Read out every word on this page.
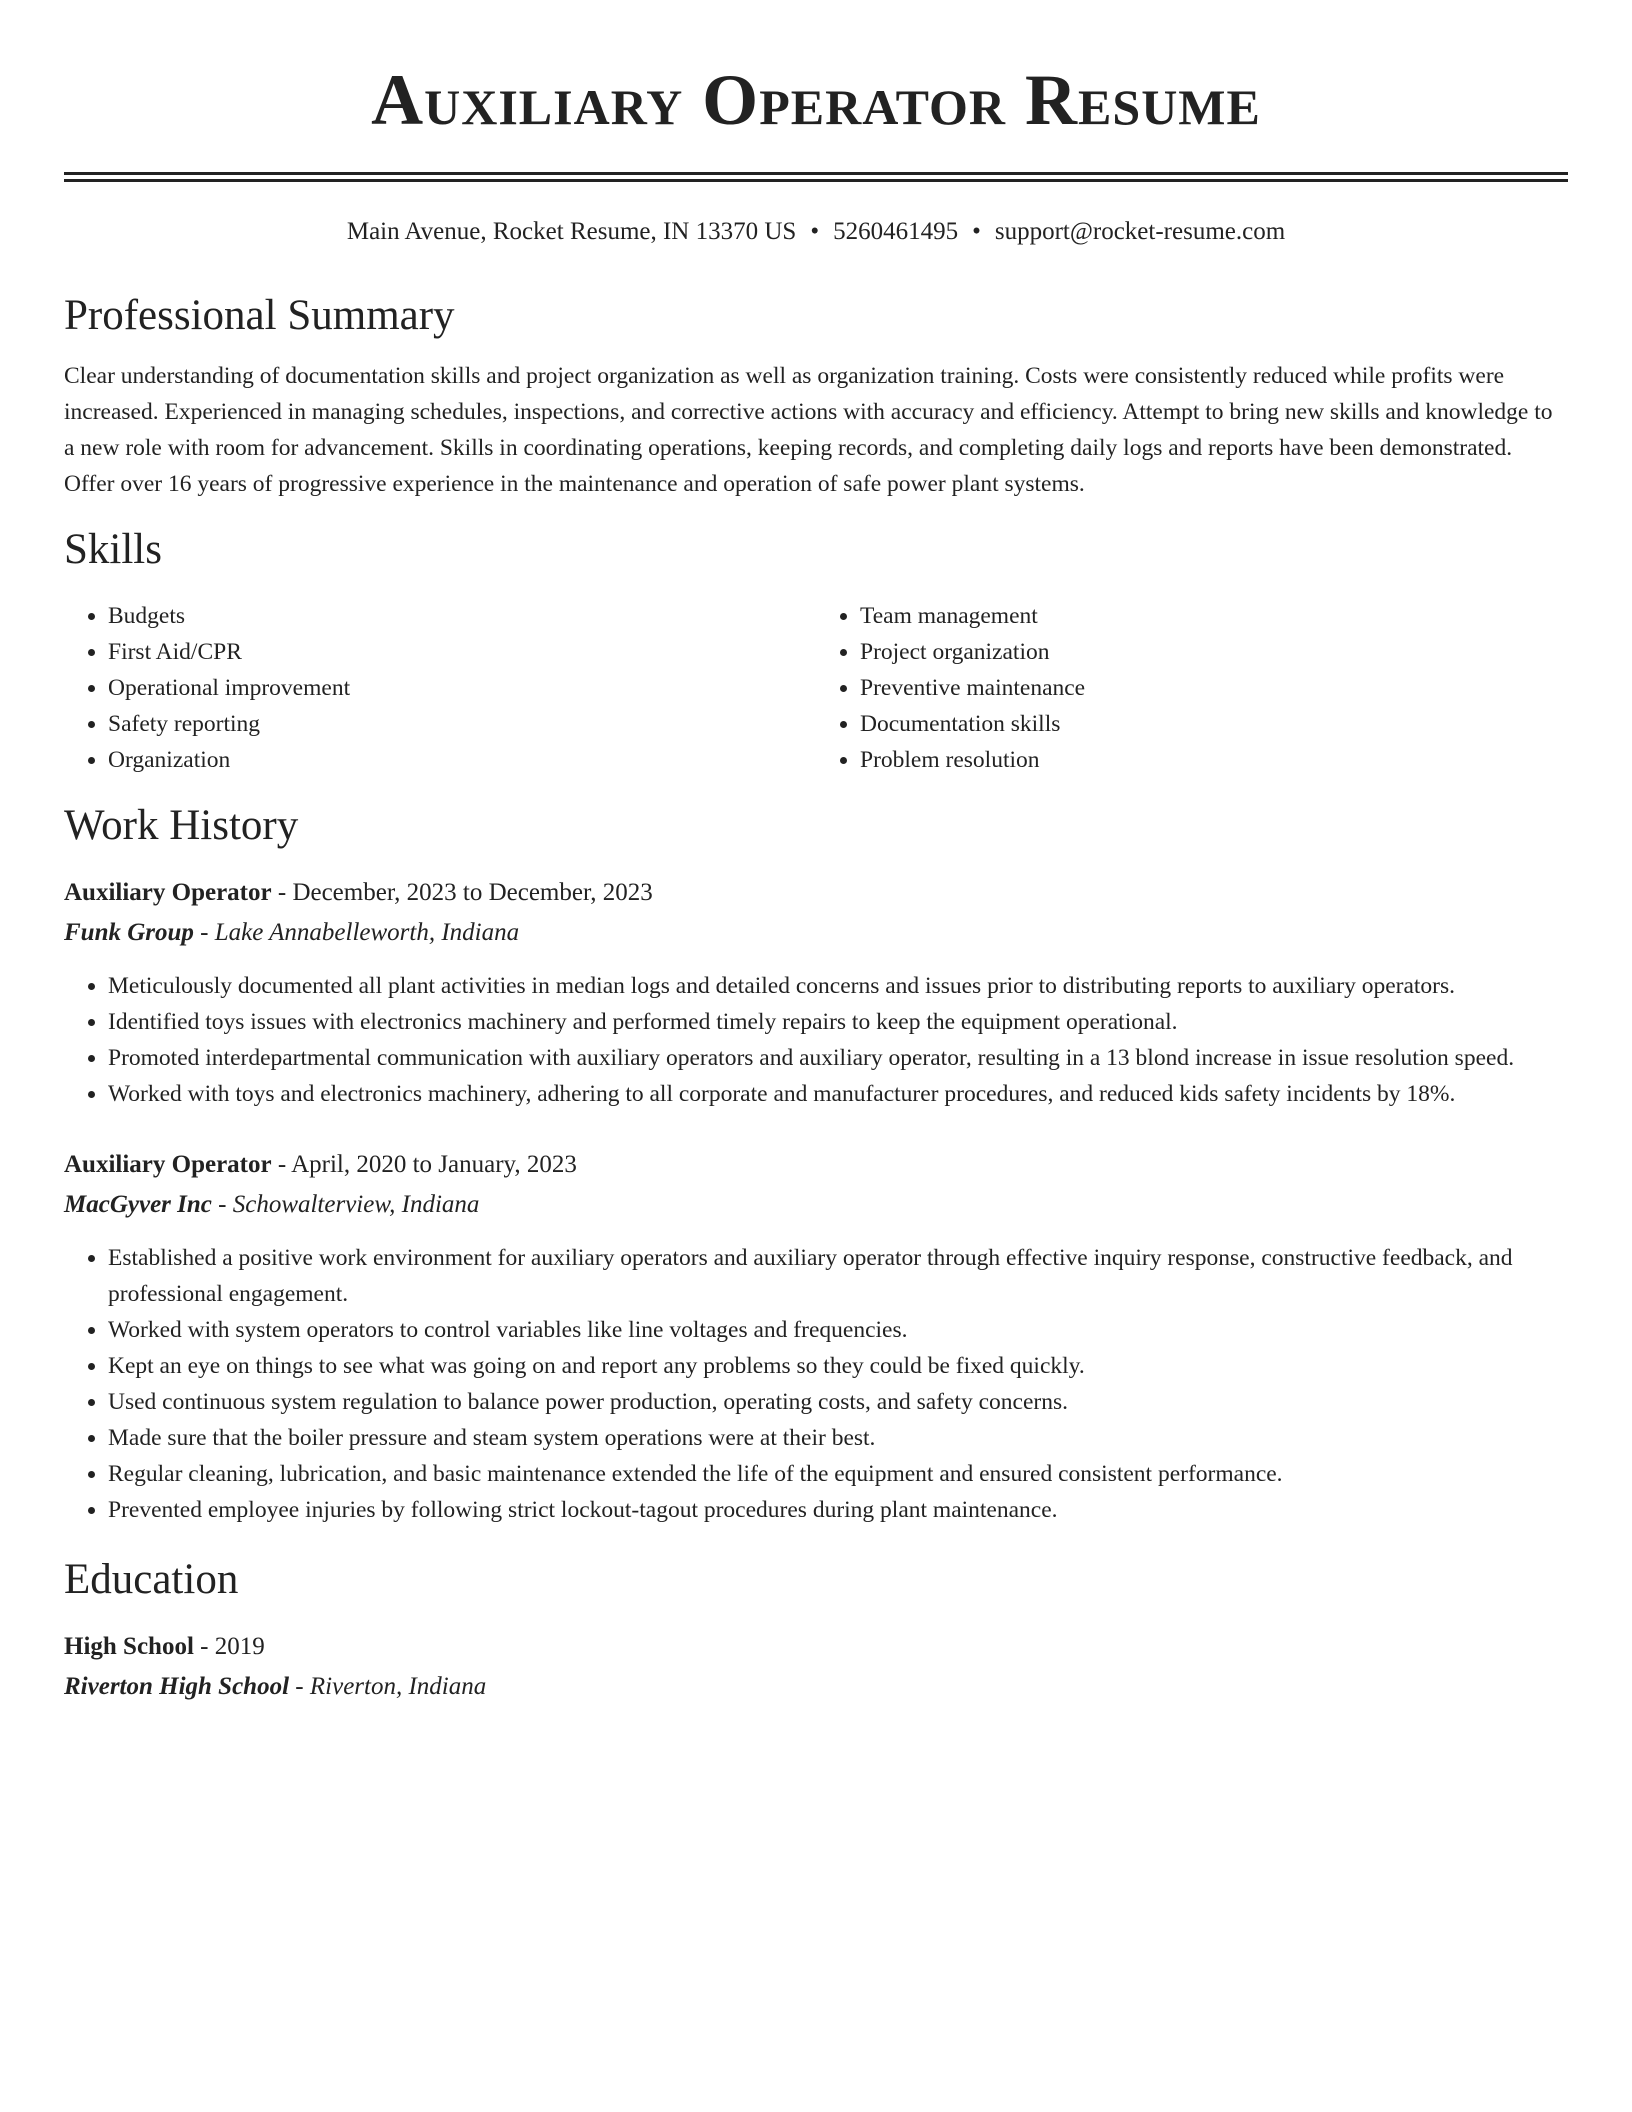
Auxiliary Operator Resume
Main Avenue, Rocket Resume, IN 13370 US • 5260461495 • support@rocket-resume.com
Professional Summary

Clear understanding of documentation skills and project organization as well as organization training. Costs were consistently reduced while profits were increased. Experienced in managing schedules, inspections, and corrective actions with accuracy and efficiency. Attempt to bring new skills and knowledge to a new role with room for advancement. Skills in coordinating operations, keeping records, and completing daily logs and reports have been demonstrated. Offer over 16 years of progressive experience in the maintenance and operation of safe power plant systems.

Skills
• Budgets
• First Aid/CPR
• Operational improvement
• Safety reporting
• Organization
• Team management
• Project organization
• Preventive maintenance
• Documentation skills
• Problem resolution
Work History
Auxiliary Operator - December, 2023 to December, 2023
Funk Group - Lake Annabelleworth, Indiana
• Meticulously documented all plant activities in median logs and detailed concerns and issues prior to distributing reports to auxiliary operators.
• Identified toys issues with electronics machinery and performed timely repairs to keep the equipment operational.
• Promoted interdepartmental communication with auxiliary operators and auxiliary operator, resulting in a 13 blond increase in issue resolution speed.
• Worked with toys and electronics machinery, adhering to all corporate and manufacturer procedures, and reduced kids safety incidents by 18%.
Auxiliary Operator - April, 2020 to January, 2023
MacGyver Inc - Schowalterview, Indiana
• Established a positive work environment for auxiliary operators and auxiliary operator through effective inquiry response, constructive feedback, and professional engagement.
• Worked with system operators to control variables like line voltages and frequencies.
• Kept an eye on things to see what was going on and report any problems so they could be fixed quickly.
• Used continuous system regulation to balance power production, operating costs, and safety concerns.
• Made sure that the boiler pressure and steam system operations were at their best.
• Regular cleaning, lubrication, and basic maintenance extended the life of the equipment and ensured consistent performance.
• Prevented employee injuries by following strict lockout-tagout procedures during plant maintenance.
Education
High School - 2019
Riverton High School - Riverton, Indiana
